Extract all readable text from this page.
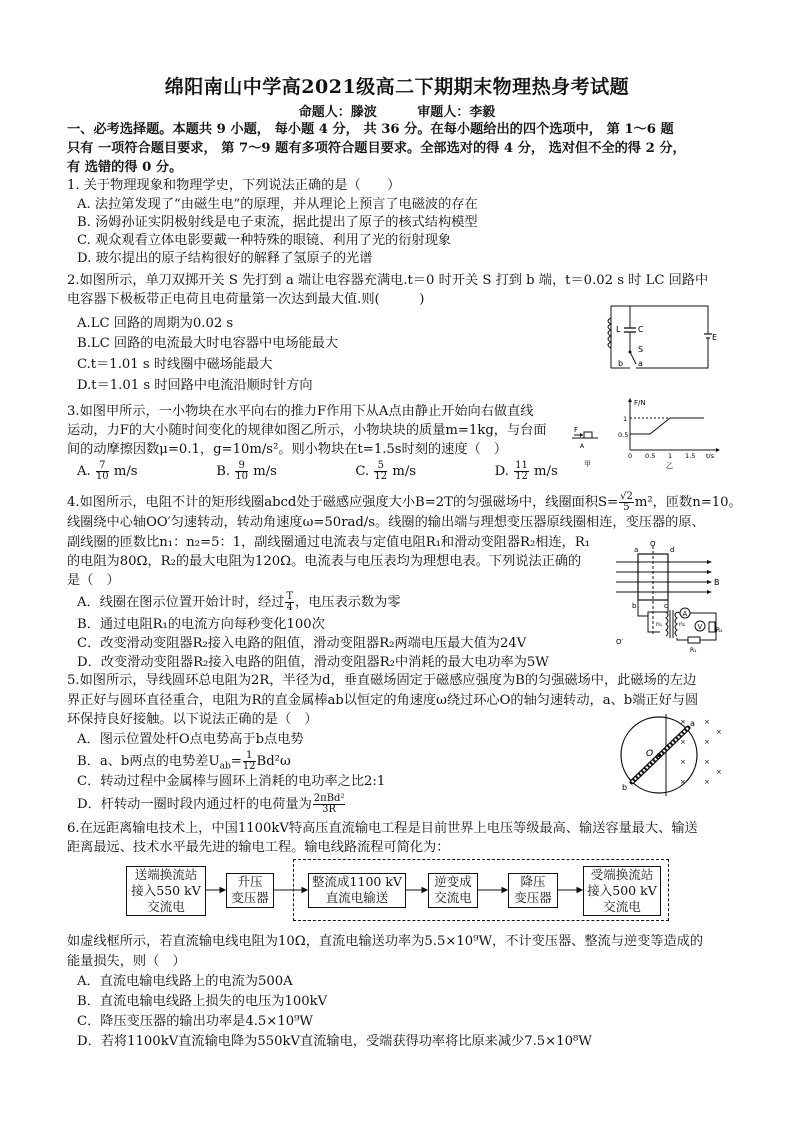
绵阳南山中学高2021级高二下期期末物理热身考试题
命题人：滕波	审题人：李毅
一、必考选择题。本题共 9 小题， 每小题 4 分， 共 36 分。在每小题给出的四个选项中， 第 1～6 题
只有 一项符合题目要求， 第 7～9 题有多项符合题目要求。全部选对的得 4 分， 选对但不全的得 2 分，
有 选错的得 0 分。
1. 关于物理现象和物理学史，下列说法正确的是（　　）
A. 法拉第发现了“由磁生电”的原理，并从理论上预言了电磁波的存在
B. 汤姆孙证实阴极射线是电子束流，据此提出了原子的核式结构模型
C. 观众观看立体电影要戴一种特殊的眼镜、利用了光的衍射现象
D. 玻尔提出的原子结构很好的解释了氢原子的光谱
2.如图所示，单刀双掷开关 S 先打到 a 端让电容器充满电.t＝0 时开关 S 打到 b 端，t＝0.02 s 时 LC 回路中
电容器下极板带正电荷且电荷量第一次达到最大值.则(　　　)
A.LC 回路的周期为0.02 s
B.LC 回路的电流最大时电容器中电场能最大
C.t＝1.01 s 时线圈中磁场能最大
D.t＝1.01 s 时回路中电流沿顺时针方向
L C
S
E
b a
3.如图甲所示，一小物块在水平向右的推力F作用下从A点由静止开始向右做直线
运动，力F的大小随时间变化的规律如图乙所示，小物块块的质量m=1kg，与台面
间的动摩擦因数μ=0.1，g=10m/s²。则小物块在t=1.5s时刻的速度（　）
A. $\frac{7}{10} m/s$	B. $\frac{9}{10} m/s$	C. $\frac{5}{12} m/s$	D. $\frac{11}{12} m/s$
F
A
甲
F/N
1
0.5
0 0.5 1 1.5 t/s
乙
4.如图所示，电阻不计的矩形线圈abcd处于磁感应强度大小B=2T的匀强磁场中，线圈面积$S= \frac{√2}{5} m^2$，匝数n=10。
线圈绕中心轴OO′匀速转动，转动角速度ω=50rad/s。线圈的输出端与理想变压器原线圈相连，变压器的原、
副线圈的匝数比n₁：n₂=5：1，副线圈通过电流表与定值电阻R₁和滑动变阻器R₂相连，R₁
的电阻为80Ω，R₂的最大电阻为120Ω。电流表与电压表均为理想电表。下列说法正确的
是（　）
A．线圈在图示位置开始计时，经过 $\frac{T}{4}$ ，电压表示数为零
B．通过电阻R₁的电流方向每秒变化100次
C．改变滑动变阻器R₂接入电路的阻值，滑动变阻器R₂两端电压最大值为24V
D．改变滑动变阻器R₂接入电路的阻值，滑动变阻器R₂中消耗的最大电功率为5W
O
a	d
b	c
B
O′
n₁	n₂
A
V R₂
R₁
5.如图所示，导线圆环总电阻为2R，半径为d，垂直磁场固定于磁感应强度为B的匀强磁场中，此磁场的左边
界正好与圆环直径重合，电阻为R的直金属棒ab以恒定的角速度ω绕过环心O的轴匀速转动，a、b端正好与圆
环保持良好接触。以下说法正确的是（　）
A．图示位置处杆O点电势高于b点电势
B．a、b两点的电势差$U_{ab}= \frac{1}{12} Bd^2\omega$
C．转动过程中金属棒与圆环上消耗的电功率之比2:1
D．杆转动一圈时段内通过杆的电荷量为 $\frac{\text{2πBd²}}{3R}$
O
a
b
×	×
×	×
×	×
×	×
×
×
6.在远距离输电技术上，中国1100kV特高压直流输电工程是目前世界上电压等级最高、输送容量最大、输送
距离最远、技术水平最先进的输电工程。输电线路流程可简化为：
送端换流站
接入550 kV
交流电
升压
变压器
整流成1100 kV
直流电输送
逆变成
交流电
降压
变压器
受端换流站
接入500 kV
交流电
如虚线框所示，若直流输电线电阻为10Ω，直流电输送功率为5.5×10⁹W，不计变压器、整流与逆变等造成的
能量损失，则（　）
A．直流电输电线路上的电流为500A
B．直流电输电线路上损失的电压为100kV
C．降压变压器的输出功率是4.5×10⁹W
D．若将1100kV直流输电降为550kV直流输电，受端获得功率将比原来减少7.5×10⁸W
